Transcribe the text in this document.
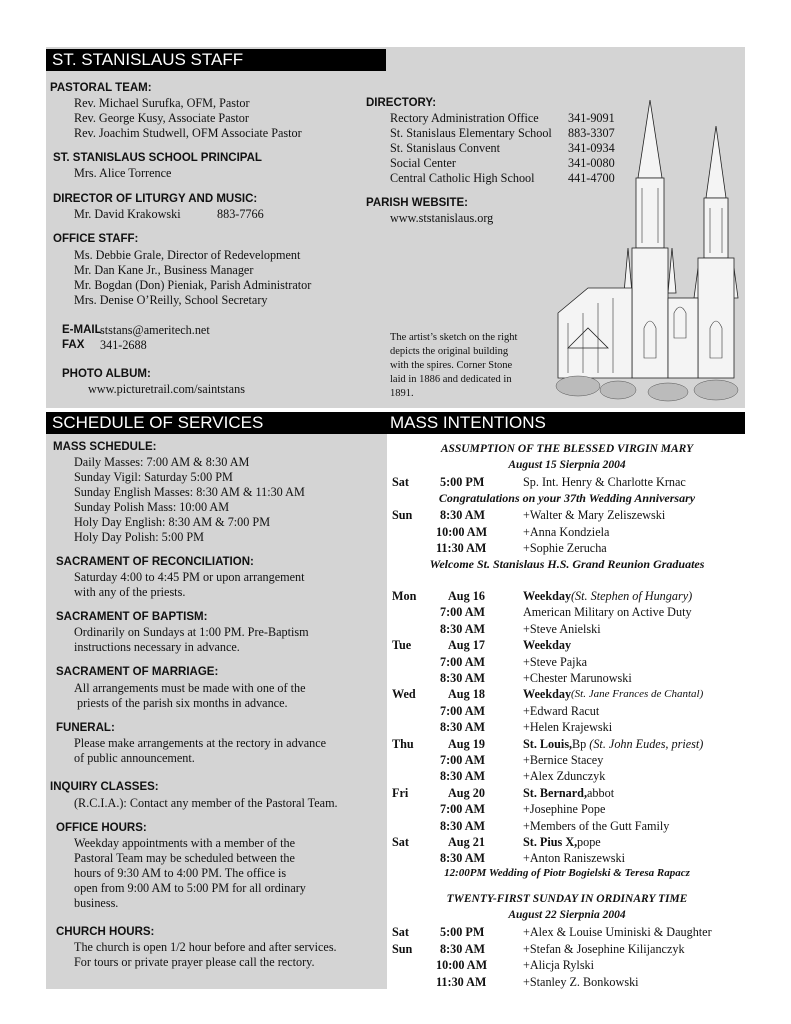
ST. STANISLAUS STAFF
SCHEDULE OF SERVICES	MASS INTENTIONS
PASTORAL TEAM:
Rev. Michael Surufka, OFM, Pastor
Rev. George Kusy, Associate Pastor
Rev. Joachim Studwell, OFM Associate Pastor
ST. STANISLAUS SCHOOL PRINCIPAL
Mrs. Alice Torrence
DIRECTOR OF LITURGY AND MUSIC:
Mr. David Krakowski	883-7766
OFFICE STAFF:
Ms. Debbie Grale, Director of Redevelopment
Mr. Dan Kane Jr., Business Manager
Mr. Bogdan (Don) Pieniak, Parish Administrator
Mrs. Denise O’Reilly, School Secretary
E-MAIL
ststans@ameritech.net
FAX 341-2688
PHOTO ALBUM:
www.picturetrail.com/saintstans
DIRECTORY:
Rectory Administration Office 341-9091
St. Stanislaus Elementary School 883-3307
St. Stanislaus Convent	341-0934
Social Center	341-0080
Central Catholic High School	441-4700
PARISH WEBSITE:
www.ststanislaus.org
The artist’s sketch on the right
depicts the original building
with the spires. Corner Stone
laid in 1886 and dedicated in
1891.
MASS SCHEDULE:
Daily Masses: 7:00 AM & 8:30 AM
Sunday Vigil: Saturday 5:00 PM
Sunday English Masses: 8:30 AM & 11:30 AM
Sunday Polish Mass: 10:00 AM
Holy Day English: 8:30 AM & 7:00 PM
Holy Day Polish: 5:00 PM
SACRAMENT OF RECONCILIATION:
Saturday 4:00 to 4:45 PM or upon arrangement
with any of the priests.
SACRAMENT OF BAPTISM:
Ordinarily on Sundays at 1:00 PM. Pre-Baptism
instructions necessary in advance.
SACRAMENT OF MARRIAGE:
All arrangements must be made with one of the
priests of the parish six months in advance.
FUNERAL:
Please make arrangements at the rectory in advance
of public announcement.
INQUIRY CLASSES:
(R.C.I.A.): Contact any member of the Pastoral Team.
OFFICE HOURS:
Weekday appointments with a member of the
Pastoral Team may be scheduled between the
hours of 9:30 AM to 4:00 PM. The office is
open from 9:00 AM to 5:00 PM for all ordinary
business.
CHURCH HOURS:
The church is open 1/2 hour before and after services.
For tours or private prayer please call the rectory.
ASSUMPTION OF THE BLESSED VIRGIN MARY
August 15 Sierpnia 2004
Sat	5:00 PM	Sp. Int. Henry & Charlotte Krnac
Congratulations on your 37th Wedding Anniversary
Sun 8:30 AM	+Walter & Mary Zeliszewski
10:00 AM	+Anna Kondziela
11:30 AM	+Sophie Zerucha
Welcome St. Stanislaus H.S. Grand Reunion Graduates
Mon	Aug 16	Weekday (St. Stephen of Hungary)
7:00 AM	American Military on Active Duty
8:30 AM	+Steve Anielski
Tue	Aug 17	Weekday
7:00 AM	+Steve Pajka
8:30 AM	+Chester Marunowski
Wed	Aug 18	Weekday (St. Jane Frances de Chantal)
7:00 AM	+Edward Racut
8:30 AM	+Helen Krajewski
Thu	Aug 19	St. Louis, Bp (St. John Eudes, priest)
7:00 AM	+Bernice Stacey
8:30 AM	+Alex Zdunczyk
Fri	Aug 20	St. Bernard, abbot
7:00 AM	+Josephine Pope
8:30 AM	+Members of the Gutt Family
Sat	Aug 21	St. Pius X, pope
8:30 AM	+Anton Raniszewski
12:00PM Wedding of Piotr Bogielski & Teresa Rapacz
TWENTY-FIRST SUNDAY IN ORDINARY TIME
August 22 Sierpnia 2004
Sat	5:00 PM	+Alex & Louise Uminiski & Daughter
Sun 8:30 AM	+Stefan & Josephine Kilijanczyk
10:00 AM	+Alicja Rylski
11:30 AM	+Stanley Z. Bonkowski
